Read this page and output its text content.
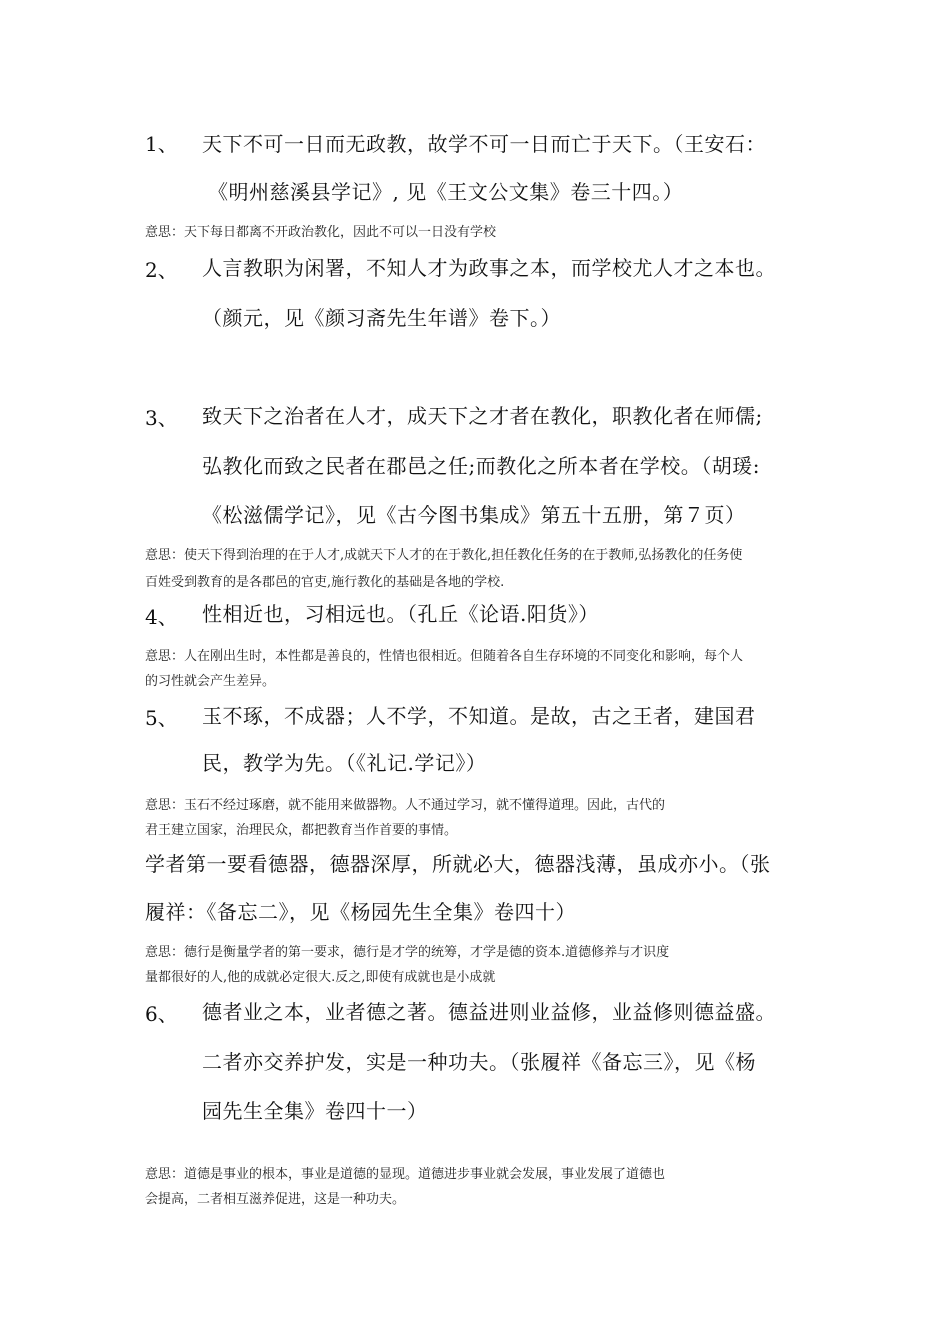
1、 天下不可一日而无政教，故学不可一日而亡于天下。（王安石：
《明州慈溪县学记》, 见《王文公文集》卷三十四。）
意思：天下每日都离不开政治教化，因此不可以一日没有学校
2、 人言教职为闲署，不知人才为政事之本，而学校尤人才之本也。
（颜元，见《颜习斋先生年谱》卷下。）
3、 致天下之治者在人才，成天下之才者在教化，职教化者在师儒;
弘教化而致之民者在郡邑之任;而教化之所本者在学校。（胡瑗:
《松滋儒学记》，见《古今图书集成》第五十五册，第７页）
意思：使天下得到治理的在于人才,成就天下人才的在于教化,担任教化任务的在于教师,弘扬教化的任务使
百姓受到教育的是各郡邑的官吏,施行教化的基础是各地的学校.
4、 性相近也，习相远也。（孔丘《论语.阳货》）
意思：人在刚出生时，本性都是善良的，性情也很相近。但随着各自生存环境的不同变化和影响，每个人
的习性就会产生差异。
5、 玉不琢，不成器；人不学，不知道。是故，古之王者，建国君
民，教学为先。（《礼记.学记》）
意思：玉石不经过琢磨，就不能用来做器物。人不通过学习，就不懂得道理。因此，古代的
君王建立国家，治理民众，都把教育当作首要的事情。
学者第一要看德器，德器深厚，所就必大，德器浅薄，虽成亦小。（张
履祥：《备忘二》，见《杨园先生全集》卷四十）
意思：德行是衡量学者的第一要求，德行是才学的统筹，才学是德的资本.道德修养与才识度
量都很好的人,他的成就必定很大.反之,即使有成就也是小成就
6、 德者业之本，业者德之著。德益进则业益修，业益修则德益盛。
二者亦交养护发，实是一种功夫。（张履祥《备忘三》，见《杨
园先生全集》卷四十一）
意思：道德是事业的根本，事业是道德的显现。道德进步事业就会发展，事业发展了道德也
会提高，二者相互滋养促进，这是一种功夫。
